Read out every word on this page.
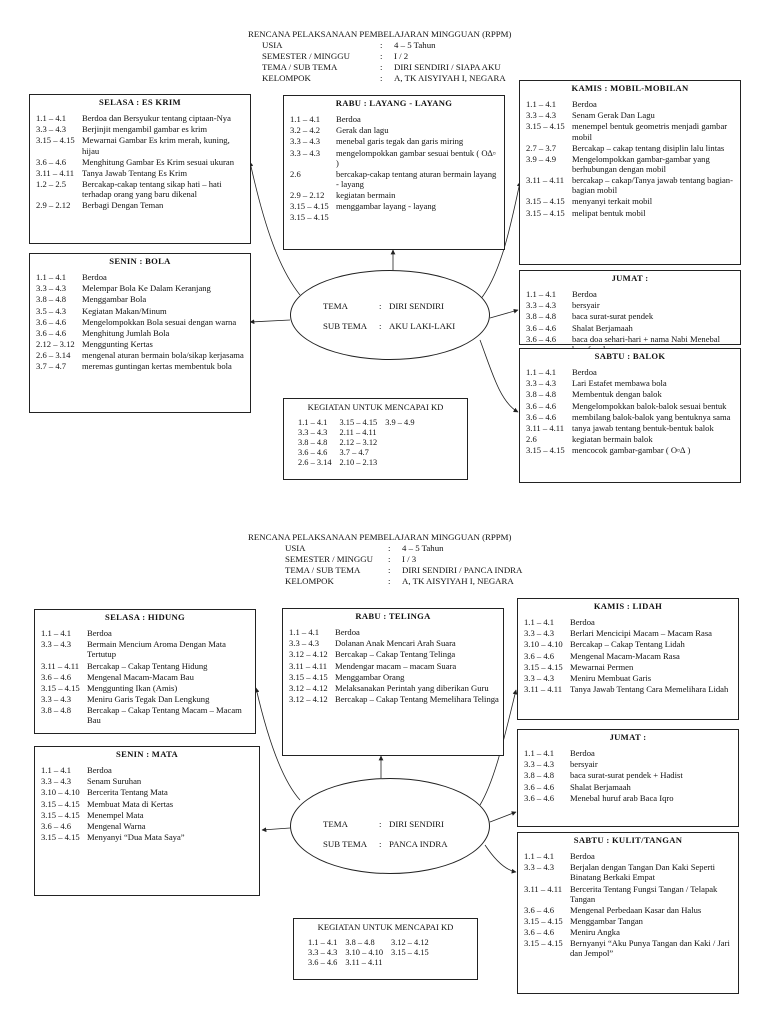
RENCANA PELAKSANAAN PEMBELAJARAN MINGGUAN (RPPM)
USIA	: 4 – 5 Tahun
SEMESTER / MINGGU	: I / 2
TEMA / SUB TEMA	: DIRI SENDIRI / SIAPA AKU
KELOMPOK	: A, TK AISYIYAH I, NEGARA
SELASA : ES KRIM
1.1 – 4.1	Berdoa dan Bersyukur tentang ciptaan-Nya
3.3 – 4.3	Berjinjit mengambil gambar es krim
3.15 – 4.15 Mewarnai Gambar Es krim merah, kuning, hijau
3.6 – 4.6	Menghitung Gambar Es Krim sesuai ukuran
3.11 – 4.11 Tanya Jawab Tentang Es Krim
1.2 – 2.5	Bercakap-cakap tentang sikap hati – hati terhadap orang yang baru dikenal
2.9 – 2.12	Berbagi Dengan Teman
RABU : LAYANG - LAYANG
1.1 – 4.1	Berdoa
3.2 – 4.2	Gerak dan lagu
3.3 – 4.3	menebal garis tegak dan garis miring
3.3 – 4.3	mengelompokkan gambar sesuai bentuk ( O∆▫ )
2.6	bercakap-cakap tentang aturan bermain layang - layang
2.9 – 2.12	kegiatan bermain
3.15 – 4.15 menggambar layang - layang
3.15 – 4.15
KAMIS : MOBIL-MOBILAN
1.1 – 4.1	Berdoa
3.3 – 4.3	Senam Gerak Dan Lagu
3.15 – 4.15 menempel bentuk geometris menjadi gambar mobil
2.7 – 3.7	Bercakap – cakap tentang disiplin lalu lintas
3.9 – 4.9	Mengelompokkan gambar-gambar yang berhubungan dengan mobil
3.11 – 4.11 bercakap – cakap/Tanya jawab tentang bagian-bagian mobil
3.15 – 4.15 menyanyi terkait mobil
3.15 – 4.15 melipat bentuk mobil
SENIN : BOLA
1.1 – 4.1	Berdoa
3.3 – 4.3	Melempar Bola Ke Dalam Keranjang
3.8 – 4.8	Menggambar Bola
3.5 – 4.3	Kegiatan Makan/Minum
3.6 – 4.6	Mengelompokkan Bola sesuai dengan warna
3.6 – 4.6	Menghitung Jumlah Bola
2.12 – 3.12 Menggunting Kertas
2.6 – 3.14	mengenal aturan bermain bola/sikap kerjasama
3.7 – 4.7	meremas guntingan kertas membentuk bola
JUMAT :
1.1 – 4.1	Berdoa
3.3 – 4.3	bersyair
3.8 – 4.8	baca surat-surat pendek
3.6 – 4.6	Shalat Berjamaah
3.6 – 4.6	baca doa sehari-hari + nama Nabi Menebal
SABTU : BALOK
1.1 – 4.1	Berdoa
3.3 – 4.3	Lari Estafet membawa bola
3.8 – 4.8	Membentuk dengan balok
3.6 – 4.6	Mengelompokkan balok-balok sesuai bentuk
3.6 – 4.6	membilang balok-balok yang bentuknya sama
3.11 – 4.11 tanya jawab tentang bentuk-bentuk balok
2.6	kegiatan bermain balok
3.15 – 4.15 mencocok gambar-gambar ( O▫∆ )
TEMA	: DIRI SENDIRI
SUB TEMA : AKU LAKI-LAKI
KEGIATAN UNTUK MENCAPAI KD
1.1 – 4.1	3.15 – 4.15	3.9 – 4.9
3.3 – 4.3	2.11 – 4.11	
3.8 – 4.8	2.12 – 3.12	
3.6 – 4.6	3.7 – 4.7	
2.6 – 3.14	2.10 – 2.13	
RENCANA PELAKSANAAN PEMBELAJARAN MINGGUAN (RPPM)
USIA	: 4 – 5 Tahun
SEMESTER / MINGGU : I / 3
TEMA / SUB TEMA	: DIRI SENDIRI / PANCA INDRA
KELOMPOK	: A, TK AISYIYAH I, NEGARA
SELASA : HIDUNG
1.1 – 4.1	Berdoa
3.3 – 4.3	Bermain Mencium Aroma Dengan Mata Tertutup
3.11 – 4.11 Bercakap – Cakap Tentang Hidung
3.6 – 4.6	Mengenal Macam-Macam Bau
3.15 – 4.15 Menggunting Ikan (Amis)
3.3 – 4.3	Meniru Garis Tegak Dan Lengkung
3.8 – 4.8	Bercakap – Cakap Tentang Macam – Macam Bau
RABU : TELINGA
1.1 – 4.1	Berdoa
3.3 – 4.3	Dolanan Anak Mencari Arah Suara
3.12 – 4.12 Bercakap – Cakap Tentang Telinga
3.11 – 4.11 Mendengar macam – macam Suara
3.15 – 4.15 Menggambar Orang
3.12 – 4.12 Melaksanakan Perintah yang diberikan Guru
3.12 – 4.12 Bercakap – Cakap Tentang Memelihara Telinga
KAMIS : LIDAH
1.1 – 4.1	Berdoa
3.3 – 4.3	Berlari Mencicipi Macam – Macam Rasa
3.10 – 4.10 Bercakap – Cakap Tentang Lidah
3.6 – 4.6	Mengenal Macam-Macam Rasa
3.15 – 4.15 Mewarnai Permen
3.3 – 4.3	Meniru Membuat Garis
3.11 – 4.11 Tanya Jawab Tentang Cara Memelihara Lidah
SENIN : MATA
1.1 – 4.1	Berdoa
3.3 – 4.3	Senam Suruhan
3.10 – 4.10 Bercerita Tentang Mata
3.15 – 4.15 Membuat Mata di Kertas
3.15 – 4.15 Menempel Mata
3.6 – 4.6	Mengenal Warna
3.15 – 4.15 Menyanyi “Dua Mata Saya”
JUMAT :
1.1 – 4.1	Berdoa
3.3 – 4.3	bersyair
3.8 – 4.8	baca surat-surat pendek + Hadist
3.6 – 4.6	Shalat Berjamaah
3.6 – 4.6	Menebal huruf arab Baca Iqro
SABTU : KULIT/TANGAN
1.1 – 4.1	Berdoa
3.3 – 4.3	Berjalan dengan Tangan Dan Kaki Seperti Binatang Berkaki Empat
3.11 – 4.11 Bercerita Tentang Fungsi Tangan / Telapak Tangan
3.6 – 4.6	Mengenal Perbedaan Kasar dan Halus
3.15 – 4.15 Menggambar Tangan
3.6 – 4.6	Meniru Angka
3.15 – 4.15 Bernyanyi “Aku Punya Tangan dan Kaki / Jari dan Jempol”
TEMA	: DIRI SENDIRI
SUB TEMA : PANCA INDRA
KEGIATAN UNTUK MENCAPAI KD
1.1 – 4.1	3.8 – 4.8	3.12 – 4.12
3.3 – 4.3	3.10 – 4.10	3.15 – 4.15
3.6 – 4.6	3.11 – 4.11	
